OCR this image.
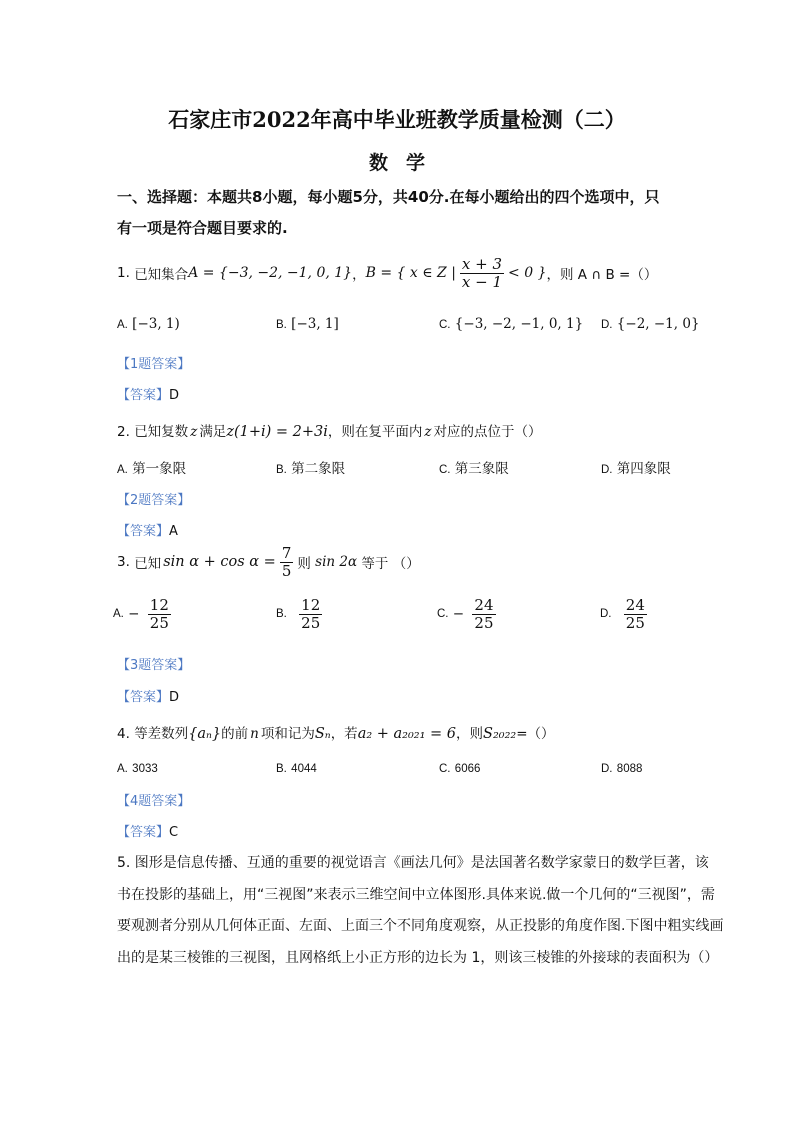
石家庄市2022年高中毕业班教学质量检测（二）
数学
一、选择题：本题共8小题，每小题5分，共40分.在每小题给出的四个选项中，只
有一项是符合题目要求的.
1.
已知集合 A = {−3, −2, −1, 0, 1} ， B = { x ∈ Z | $\frac{x + 3}{x - 1} < 0$ } ，则 A ∩ B =（）
A. [−3, 1)	B. [−3, 1]	C. {−3, −2, −1, 0, 1} D. {−2, −1, 0}
【1题答案】
【答案】D
2. 已知复数 z 满足z(1+i) = 2+3i，则在复平面内 z 对应的点位于（）
A. 第一象限	B. 第二象限	C. 第三象限	D. 第四象限
【2题答案】
【答案】A
3.
已知 $\sin \alpha + \cos \alpha = \frac{7}{5}$ 则
sin 2α
等于 （）
A.
−
$\frac{12}{25}$	B.
$\frac{12}{25}$	C.
−
$\frac{24}{25}$	D.
$\frac{24}{25}$
【3题答案】
【答案】D
4. 等差数列{aₙ}的前 n 项和记为Sₙ，若a₂ + a₂₀₂₁ = 6，则S₂₀₂₂=（）
A. 3033	B. 4044	C. 6066	D. 8088
【4题答案】
【答案】C
5. 图形是信息传播、互通的重要的视觉语言《画法几何》是法国著名数学家蒙日的数学巨著，该
书在投影的基础上，用“三视图”来表示三维空间中立体图形.具体来说.做一个几何的“三视图”，需
要观测者分别从几何体正面、左面、上面三个不同角度观察，从正投影的角度作图.下图中粗实线画
出的是某三棱锥的三视图，且网格纸上小正方形的边长为 1，则该三棱锥的外接球的表面积为（）
